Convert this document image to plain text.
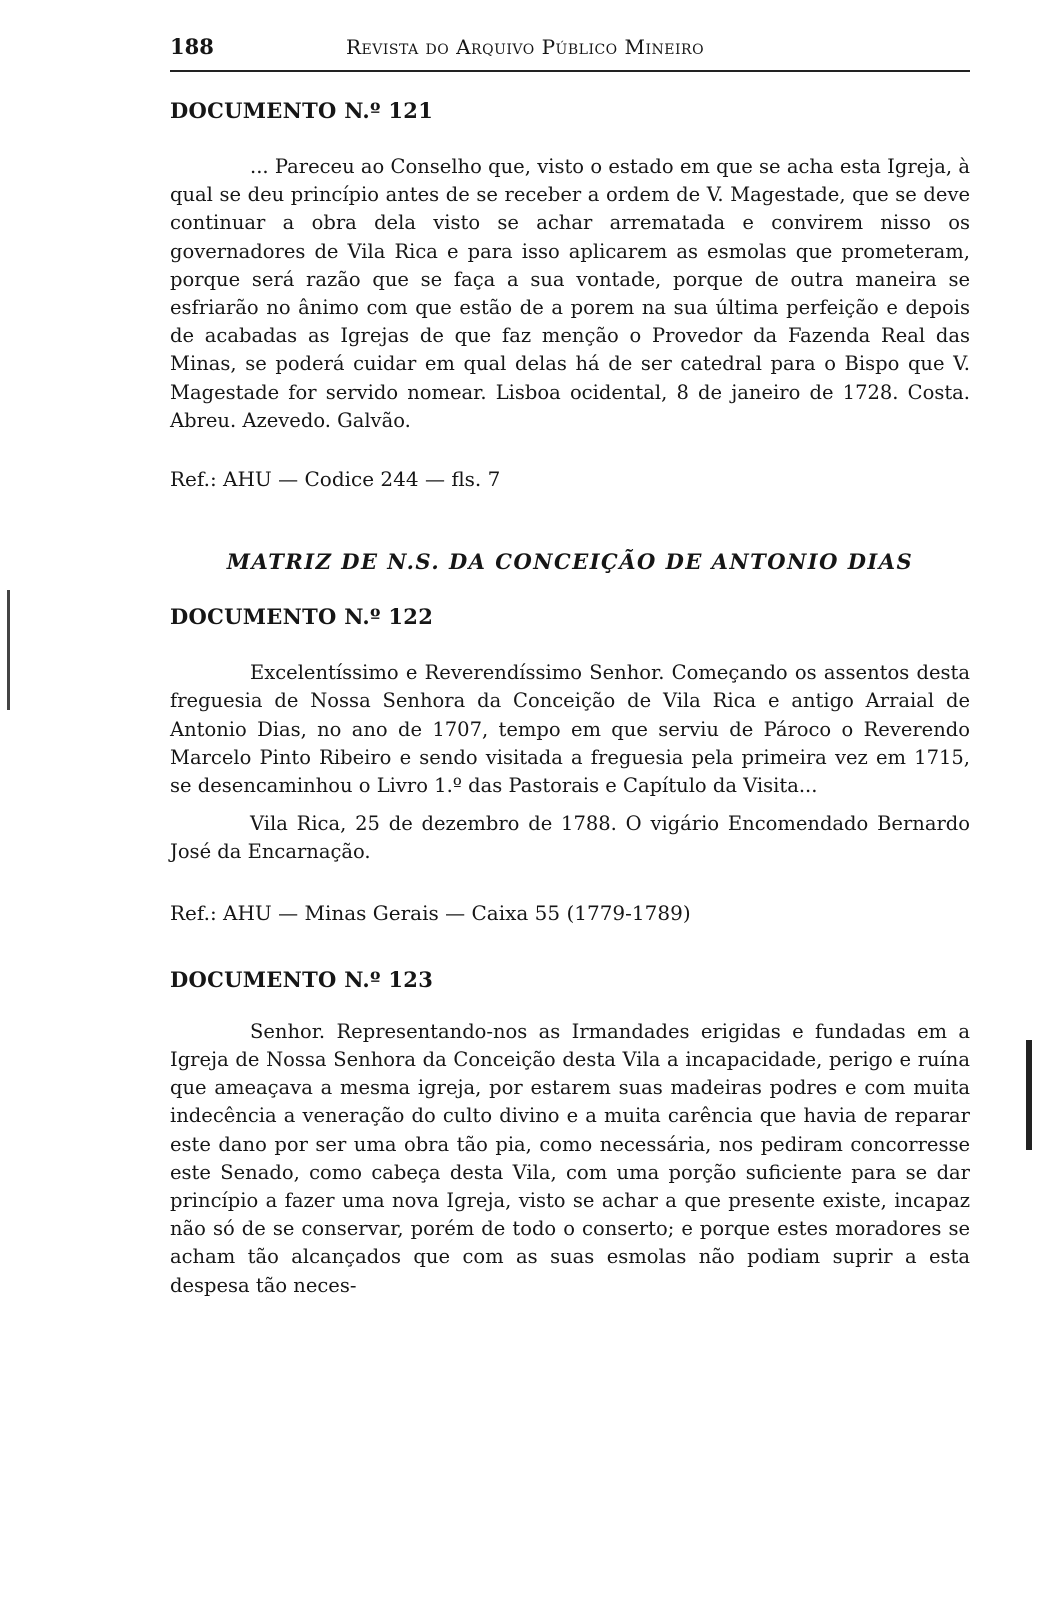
188	Revista do Arquivo Público Mineiro
DOCUMENTO N.º 121

... Pareceu ao Conselho que, visto o estado em que se acha esta Igreja, à qual se deu princípio antes de se receber a ordem de V. Magestade, que se deve continuar a obra dela visto se achar arrematada e convirem nisso os governadores de Vila Rica e para isso aplicarem as esmolas que prometeram, porque será razão que se faça a sua vontade, porque de outra maneira se esfriarão no ânimo com que estão de a porem na sua última perfeição e depois de acabadas as Igrejas de que faz menção o Provedor da Fazenda Real das Minas, se poderá cuidar em qual delas há de ser catedral para o Bispo que V. Magestade for servido nomear. Lisboa ocidental, 8 de janeiro de 1728. Costa. Abreu. Azevedo. Galvão.

Ref.: AHU — Codice 244 — fls. 7

MATRIZ DE N.S. DA CONCEIÇÃO DE ANTONIO DIAS
DOCUMENTO N.º 122

Excelentíssimo e Reverendíssimo Senhor. Começando os assentos desta freguesia de Nossa Senhora da Conceição de Vila Rica e antigo Arraial de Antonio Dias, no ano de 1707, tempo em que serviu de Pároco o Reverendo Marcelo Pinto Ribeiro e sendo visitada a freguesia pela primeira vez em 1715, se desencaminhou o Livro 1.º das Pastorais e Capítulo da Visita...

Vila Rica, 25 de dezembro de 1788. O vigário Encomendado Bernardo José da Encarnação.

Ref.: AHU — Minas Gerais — Caixa 55 (1779-1789)

DOCUMENTO N.º 123

Senhor. Representando-nos as Irmandades erigidas e fundadas em a Igreja de Nossa Senhora da Conceição desta Vila a incapacidade, perigo e ruína que ameaçava a mesma igreja, por estarem suas madeiras podres e com muita indecência a veneração do culto divino e a muita carência que havia de reparar este dano por ser uma obra tão pia, como necessária, nos pediram concorresse este Senado, como cabeça desta Vila, com uma porção suficiente para se dar princípio a fazer uma nova Igreja, visto se achar a que presente existe, incapaz não só de se conservar, porém de todo o conserto; e porque estes moradores se acham tão alcançados que com as suas esmolas não podiam suprir a esta despesa tão neces-
